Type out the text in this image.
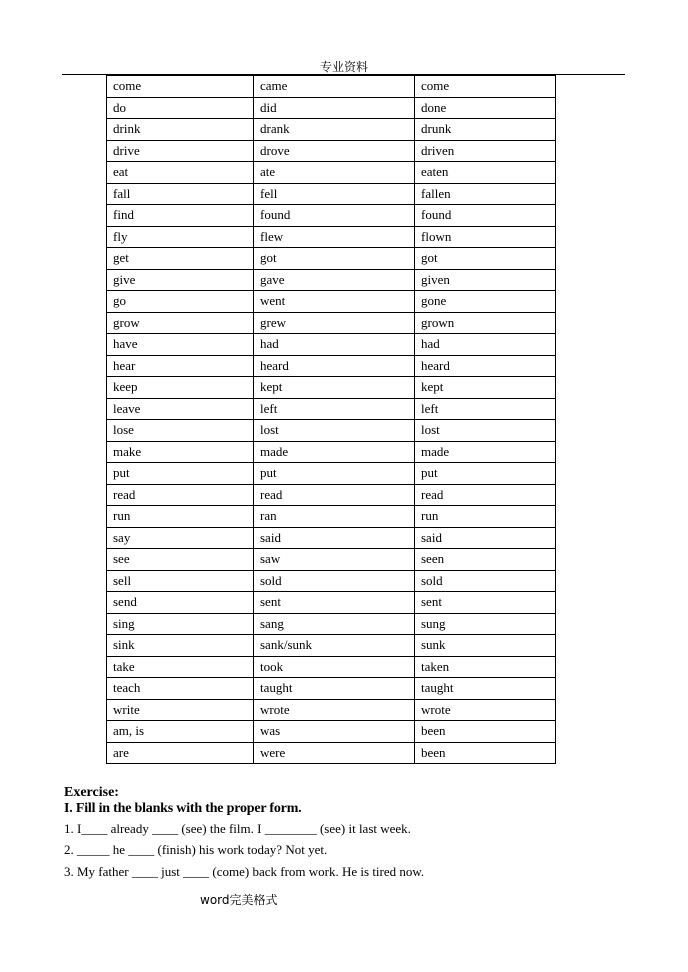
专业资料
come	came	come
do	did	done
drink	drank	drunk
drive	drove	driven
eat	ate	eaten
fall	fell	fallen
find	found	found
fly	flew	flown
get	got	got
give	gave	given
go	went	gone
grow	grew	grown
have	had	had
hear	heard	heard
keep	kept	kept
leave	left	left
lose	lost	lost
make	made	made
put	put	put
read	read	read
run	ran	run
say	said	said
see	saw	seen
sell	sold	sold
send	sent	sent
sing	sang	sung
sink	sank/sunk	sunk
take	took	taken
teach	taught	taught
write	wrote	wrote
am, is	was	been
are	were	been
Exercise:
I. Fill in the blanks with the proper form.
1. I____ already ____ (see) the film. I ________ (see) it last week.
2. _____ he ____ (finish) his work today? Not yet.
3. My father ____ just ____ (come) back from work. He is tired now.
word完美格式
